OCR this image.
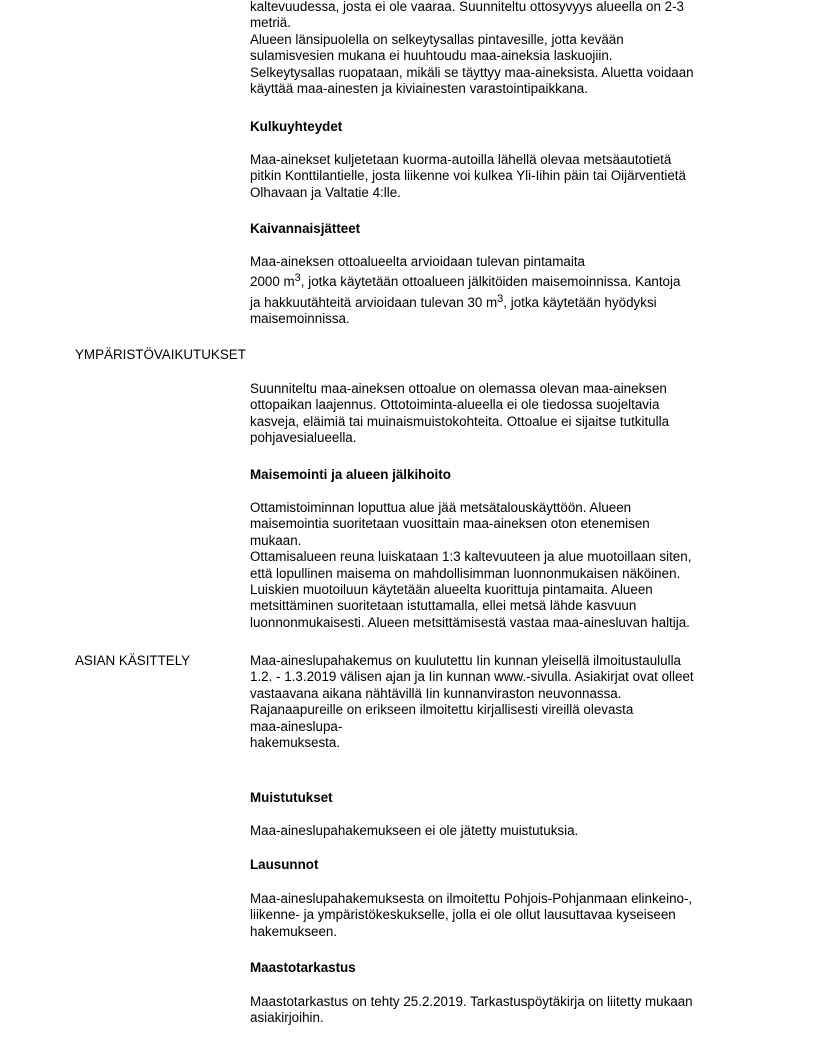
kaltevuudessa, josta ei ole vaaraa. Suunniteltu ottosyvyys alueella on 2-3

metriä.

Alueen länsipuolella on selkeytysallas pintavesille, jotta kevään

sulamisvesien mukana ei huuhtoudu maa-aineksia laskuojiin.

Selkeytysallas ruopataan, mikäli se täyttyy maa-aineksista. Aluetta voidaan

käyttää maa-ainesten ja kiviainesten varastointipaikkana.

Kulkuyhteydet

Maa-ainekset kuljetetaan kuorma-autoilla lähellä olevaa metsäautotietä

pitkin Konttilantielle, josta liikenne voi kulkea Yli-Iihin päin tai Oijärventietä

Olhavaan ja Valtatie 4:lle.

Kaivannaisjätteet

Maa-aineksen ottoalueelta arvioidaan tulevan pintamaita

2000 $m^3$, jotka käytetään ottoalueen jälkitöiden maisemoinnissa. Kantoja

ja hakkuutähteitä arvioidaan tulevan 30 $m^3$, jotka käytetään hyödyksi

maisemoinnissa.

YMPÄRISTÖVAIKUTUKSET

Suunniteltu maa-aineksen ottoalue on olemassa olevan maa-aineksen

ottopaikan laajennus. Ottotoiminta-alueella ei ole tiedossa suojeltavia

kasveja, eläimiä tai muinaismuistokohteita. Ottoalue ei sijaitse tutkitulla

pohjavesialueella.

Maisemointi ja alueen jälkihoito

Ottamistoiminnan loputtua alue jää metsätalouskäyttöön. Alueen

maisemointia suoritetaan vuosittain maa-aineksen oton etenemisen

mukaan.

Ottamisalueen reuna luiskataan 1:3 kaltevuuteen ja alue muotoillaan siten,

että lopullinen maisema on mahdollisimman luonnonmukaisen näköinen.

Luiskien muotoiluun käytetään alueelta kuorittuja pintamaita. Alueen

metsittäminen suoritetaan istuttamalla, ellei metsä lähde kasvuun

luonnonmukaisesti. Alueen metsittämisestä vastaa maa-ainesluvan haltija.

ASIAN KÄSITTELY	Maa-aineslupahakemus on kuulutettu Iin kunnan yleisellä ilmoitustaululla

1.2. - 1.3.2019 välisen ajan ja Iin kunnan www.-sivulla. Asiakirjat ovat olleet

vastaavana aikana nähtävillä Iin kunnanviraston neuvonnassa.

Rajanaapureille on erikseen ilmoitettu kirjallisesti vireillä olevasta

maa-aineslupa-

hakemuksesta.

Muistutukset

Maa-aineslupahakemukseen ei ole jätetty muistutuksia.

Lausunnot

Maa-aineslupahakemuksesta on ilmoitettu Pohjois-Pohjanmaan elinkeino-,

liikenne- ja ympäristökeskukselle, jolla ei ole ollut lausuttavaa kyseiseen

hakemukseen.

Maastotarkastus

Maastotarkastus on tehty 25.2.2019. Tarkastuspöytäkirja on liitetty mukaan

asiakirjoihin.
